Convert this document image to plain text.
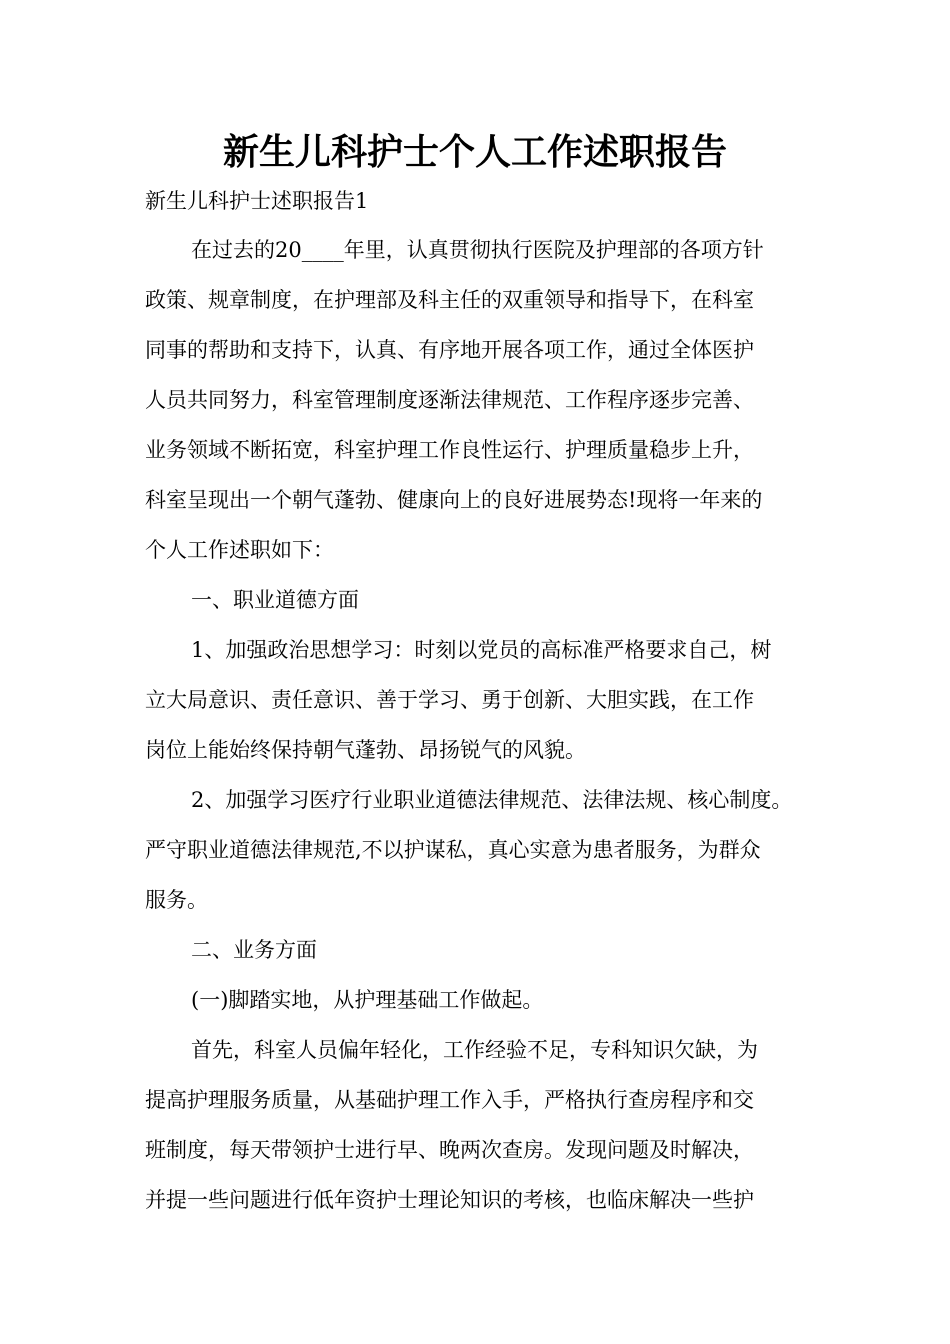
新生儿科护士个人工作述职报告
新生儿科护士述职报告1
在过去的20____年里，认真贯彻执行医院及护理部的各项方针
政策、规章制度，在护理部及科主任的双重领导和指导下，在科室
同事的帮助和支持下，认真、有序地开展各项工作，通过全体医护
人员共同努力，科室管理制度逐渐法律规范、工作程序逐步完善、
业务领域不断拓宽，科室护理工作良性运行、护理质量稳步上升，
科室呈现出一个朝气蓬勃、健康向上的良好进展势态!现将一年来的
个人工作述职如下：
一、职业道德方面
1、加强政治思想学习：时刻以党员的高标准严格要求自己，树
立大局意识、责任意识、善于学习、勇于创新、大胆实践，在工作
岗位上能始终保持朝气蓬勃、昂扬锐气的风貌。
2、加强学习医疗行业职业道德法律规范、法律法规、核心制度。
严守职业道德法律规范,不以护谋私，真心实意为患者服务，为群众
服务。
二、业务方面
(一)脚踏实地，从护理基础工作做起。
首先，科室人员偏年轻化，工作经验不足，专科知识欠缺，为
提高护理服务质量，从基础护理工作入手，严格执行查房程序和交
班制度，每天带领护士进行早、晚两次查房。发现问题及时解决，
并提一些问题进行低年资护士理论知识的考核，也临床解决一些护
